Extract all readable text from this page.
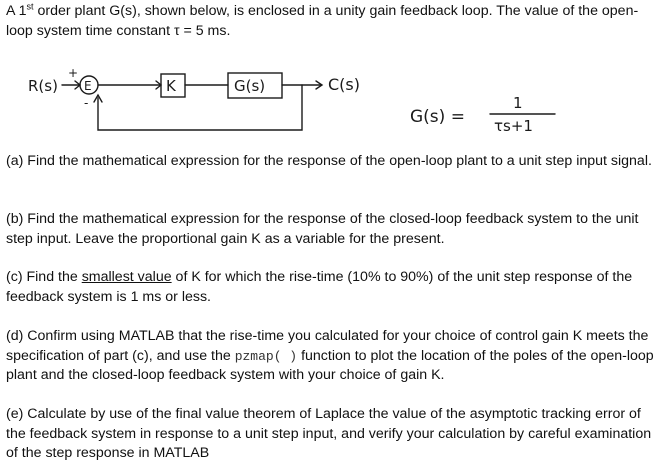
A 1st order plant G(s), shown below, is enclosed in a unity gain feedback loop. The value of the open-loop system time constant τ = 5 ms.
R(s)
+
-
E	K	G(s)	C(s)
G(s) =
1
τs+1
(a) Find the mathematical expression for the response of the open-loop plant to a unit step input signal.
(b) Find the mathematical expression for the response of the closed-loop feedback system to the unit step input. Leave the proportional gain K as a variable for the present.
(c) Find the smallest value of K for which the rise-time (10% to 90%) of the unit step response of the feedback system is 1 ms or less.
(d) Confirm using MATLAB that the rise-time you calculated for your choice of control gain K meets the specification of part (c), and use the pzmap( ) function to plot the location of the poles of the open-loop plant and the closed-loop feedback system with your choice of gain K.
(e) Calculate by use of the final value theorem of Laplace the value of the asymptotic tracking error of the feedback system in response to a unit step input, and verify your calculation by careful examination of the step response in MATLAB
